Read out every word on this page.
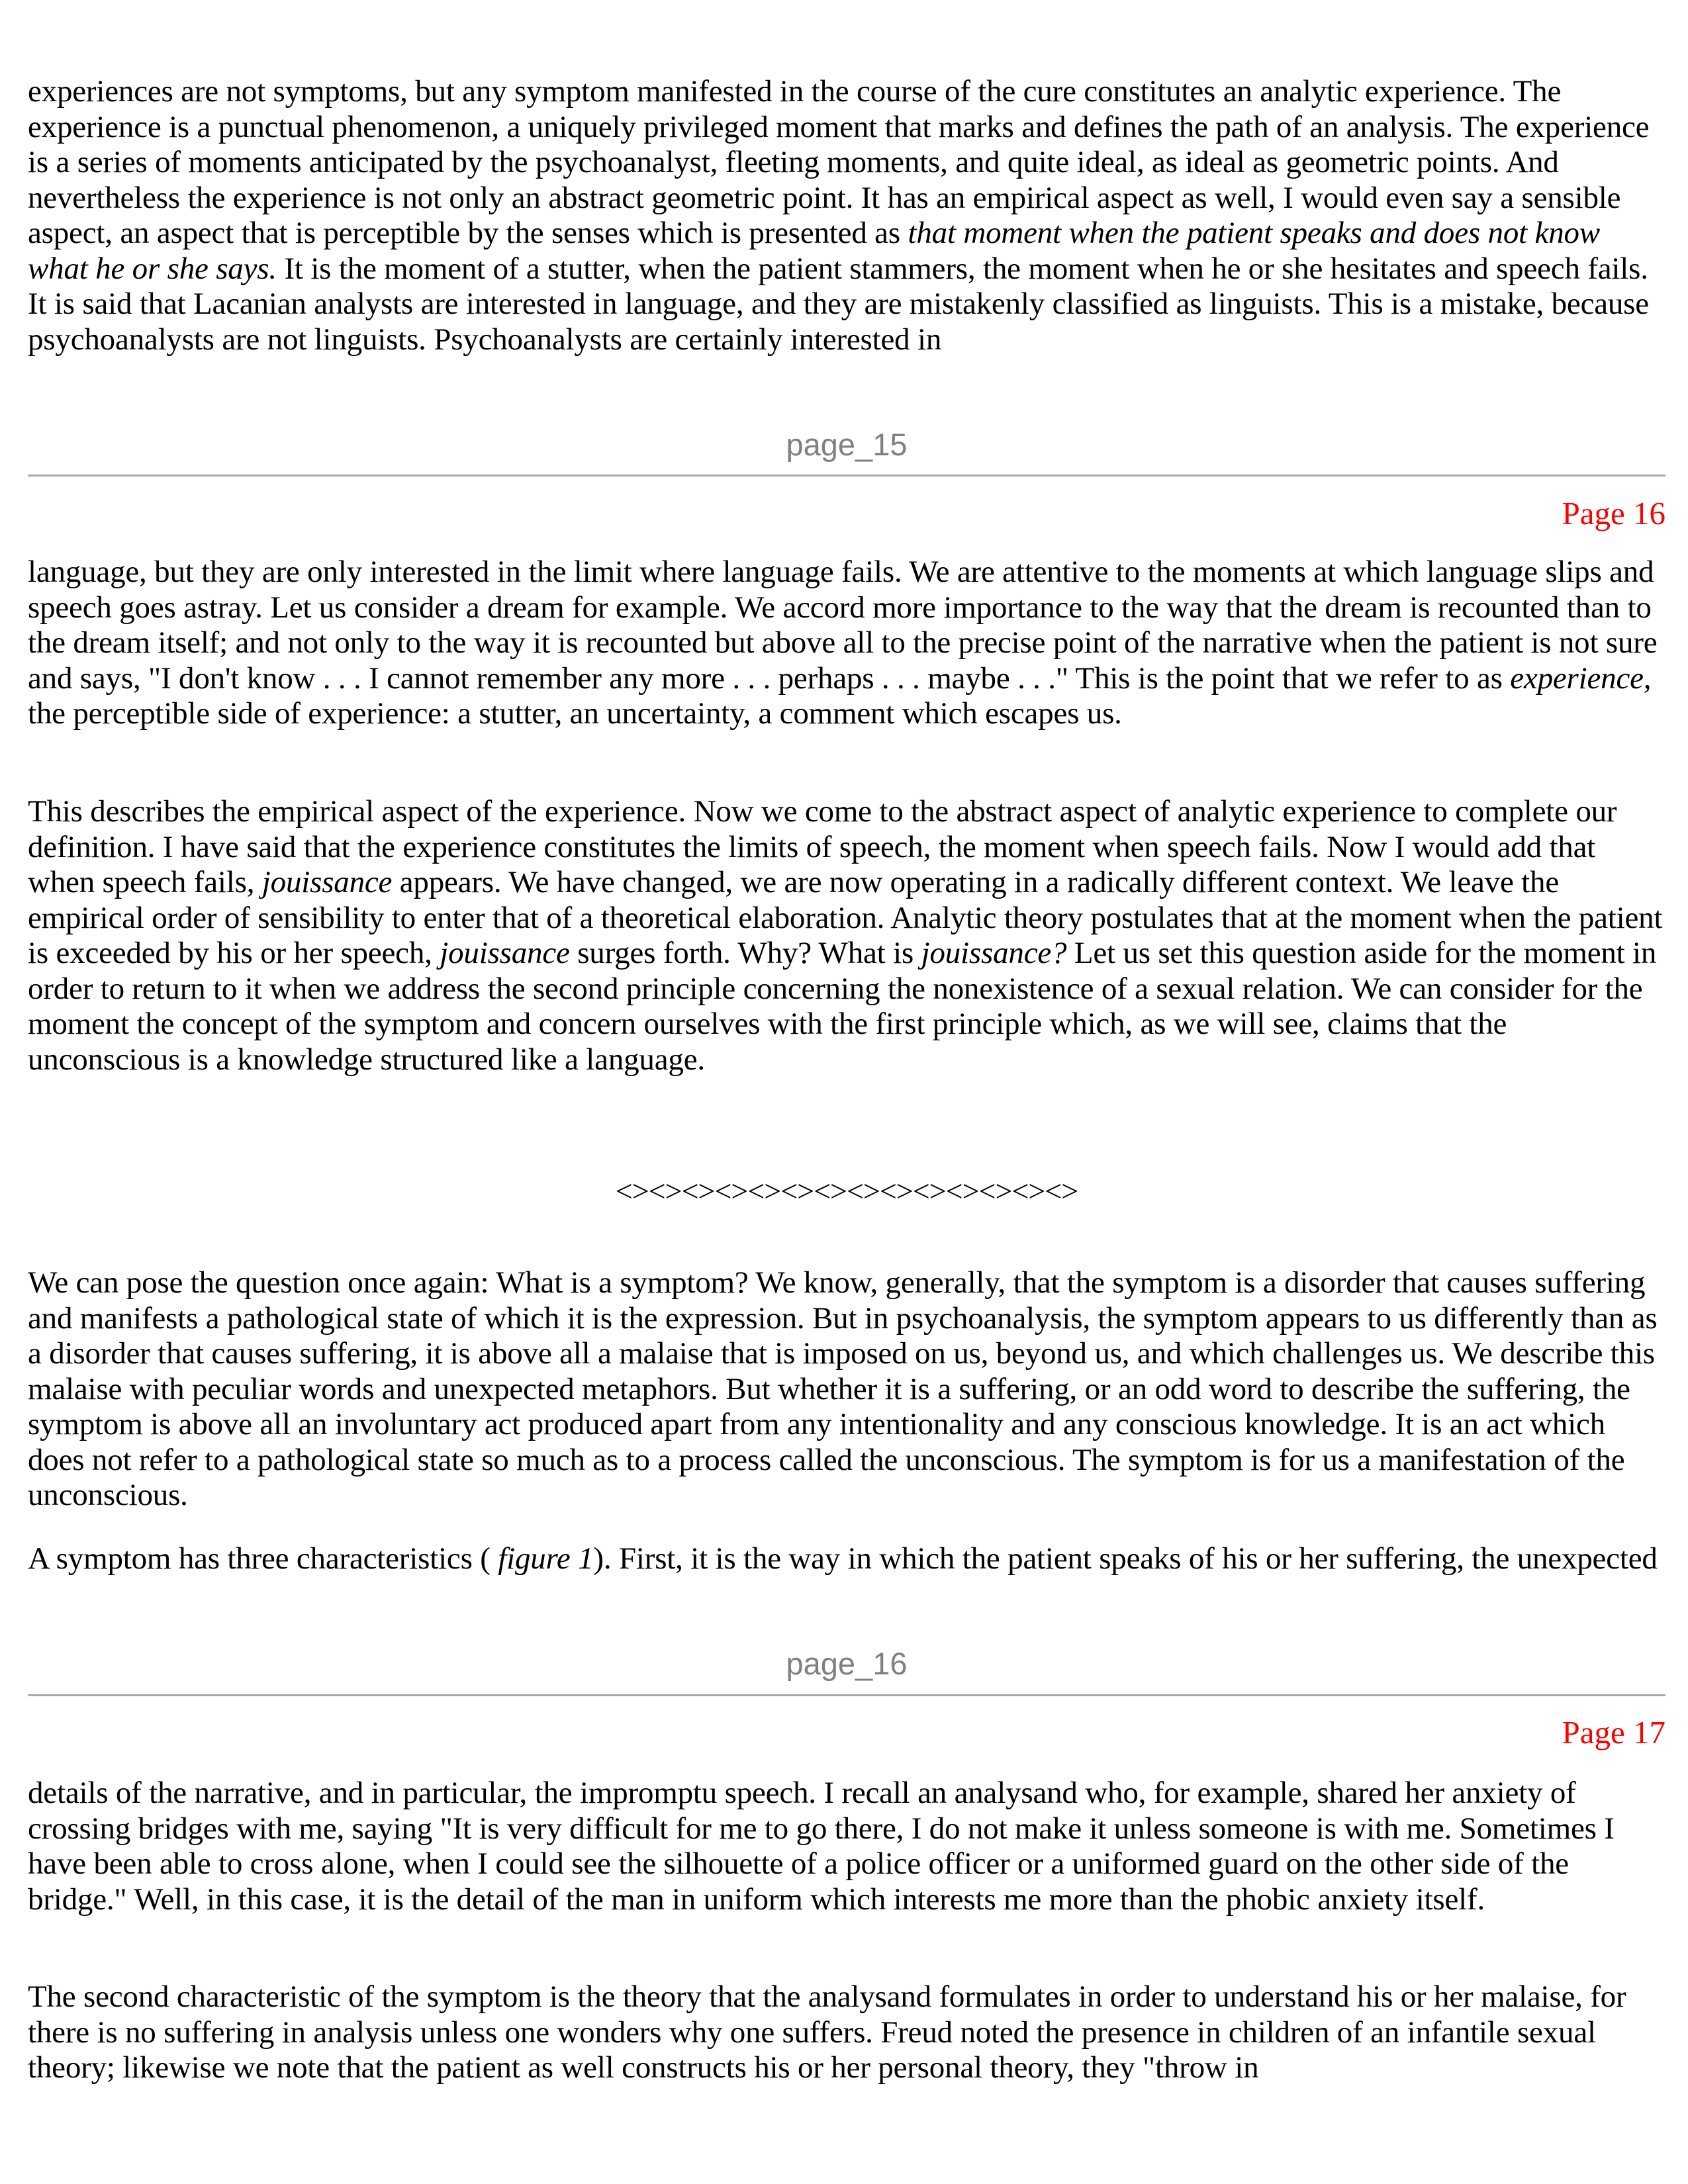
experiences are not symptoms, but any symptom manifested in the course of the cure constitutes an analytic experience. The experience is a punctual phenomenon, a uniquely privileged moment that marks and defines the path of an analysis. The experience is a series of moments anticipated by the psychoanalyst, fleeting moments, and quite ideal, as ideal as geometric points. And nevertheless the experience is not only an abstract geometric point. It has an empirical aspect as well, I would even say a sensible aspect, an aspect that is perceptible by the senses which is presented as that moment when the patient speaks and does not know what he or she says. It is the moment of a stutter, when the patient stammers, the moment when he or she hesitates and speech fails. It is said that Lacanian analysts are interested in language, and they are mistakenly classified as linguists. This is a mistake, because psychoanalysts are not linguists. Psychoanalysts are certainly interested in

page_15
Page 16

language, but they are only interested in the limit where language fails. We are attentive to the moments at which language slips and speech goes astray. Let us consider a dream for example. We accord more importance to the way that the dream is recounted than to the dream itself; and not only to the way it is recounted but above all to the precise point of the narrative when the patient is not sure and says, "I don't know . . . I cannot remember any more . . . perhaps . . . maybe . . ." This is the point that we refer to as experience, the perceptible side of experience: a stutter, an uncertainty, a comment which escapes us.

This describes the empirical aspect of the experience. Now we come to the abstract aspect of analytic experience to complete our definition. I have said that the experience constitutes the limits of speech, the moment when speech fails. Now I would add that when speech fails, jouissance appears. We have changed, we are now operating in a radically different context. We leave the empirical order of sensibility to enter that of a theoretical elaboration. Analytic theory postulates that at the moment when the patient is exceeded by his or her speech, jouissance surges forth. Why? What is jouissance? Let us set this question aside for the moment in order to return to it when we address the second principle concerning the nonexistence of a sexual relation. We can consider for the moment the concept of the symptom and concern ourselves with the first principle which, as we will see, claims that the unconscious is a knowledge structured like a language.

<><><><><><><><><><><><><><>

We can pose the question once again: What is a symptom? We know, generally, that the symptom is a disorder that causes suffering and manifests a pathological state of which it is the expression. But in psychoanalysis, the symptom appears to us differently than as a disorder that causes suffering, it is above all a malaise that is imposed on us, beyond us, and which challenges us. We describe this malaise with peculiar words and unexpected metaphors. But whether it is a suffering, or an odd word to describe the suffering, the symptom is above all an involuntary act produced apart from any intentionality and any conscious knowledge. It is an act which does not refer to a pathological state so much as to a process called the unconscious. The symptom is for us a manifestation of the unconscious.

A symptom has three characteristics ( figure 1). First, it is the way in which the patient speaks of his or her suffering, the unexpected

page_16
Page 17

details of the narrative, and in particular, the impromptu speech. I recall an analysand who, for example, shared her anxiety of crossing bridges with me, saying "It is very difficult for me to go there, I do not make it unless someone is with me. Sometimes I have been able to cross alone, when I could see the silhouette of a police officer or a uniformed guard on the other side of the bridge." Well, in this case, it is the detail of the man in uniform which interests me more than the phobic anxiety itself.

The second characteristic of the symptom is the theory that the analysand formulates in order to understand his or her malaise, for there is no suffering in analysis unless one wonders why one suffers. Freud noted the presence in children of an infantile sexual theory; likewise we note that the patient as well constructs his or her personal theory, they "throw in
